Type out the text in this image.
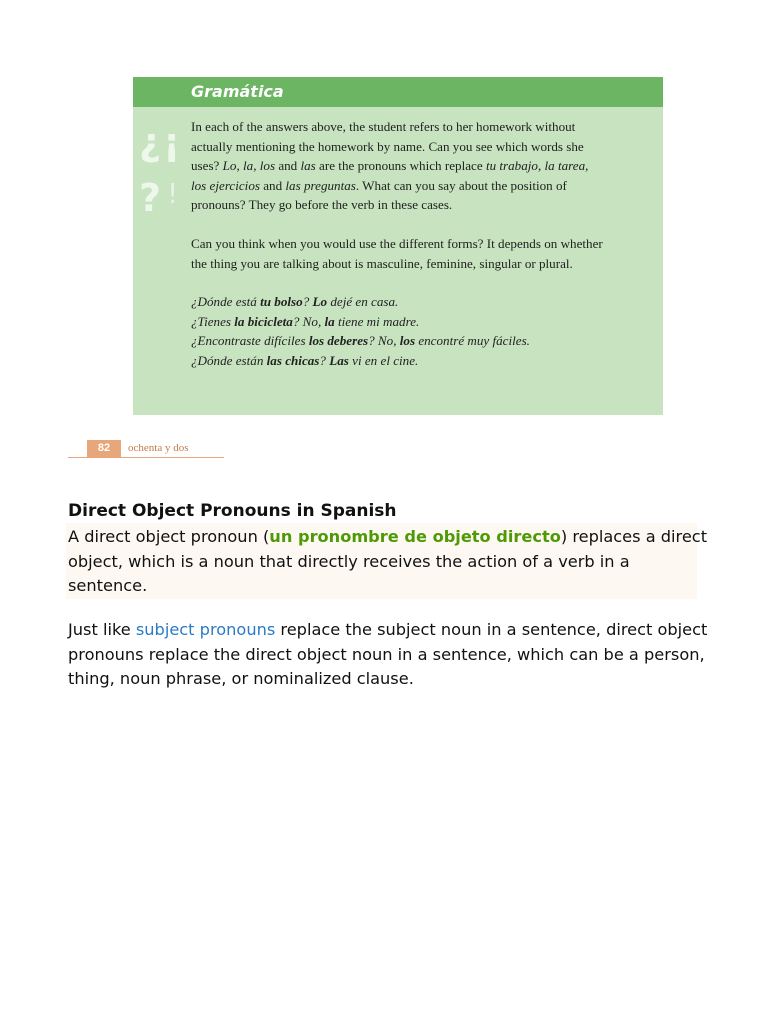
Gramática
¿ ¡
? !

In each of the answers above, the student refers to her homework without actually mentioning the homework by name. Can you see which words she uses? Lo, la, los and las are the pronouns which replace tu trabajo, la tarea, los ejercicios and las preguntas. What can you say about the position of pronouns? They go before the verb in these cases.

Can you think when you would use the different forms? It depends on whether the thing you are talking about is masculine, feminine, singular or plural.

¿Dónde está tu bolso? Lo dejé en casa.
¿Tienes la bicicleta? No, la tiene mi madre.
¿Encontraste difíciles los deberes? No, los encontré muy fáciles.
¿Dónde están las chicas? Las vi en el cine.
82	ochenta y dos
Direct Object Pronouns in Spanish
A direct object pronoun (un pronombre de objeto directo) replaces a direct object, which is a noun that directly receives the action of a verb in a sentence.
Just like subject pronouns replace the subject noun in a sentence, direct object pronouns replace the direct object noun in a sentence, which can be a person, thing, noun phrase, or nominalized clause.
